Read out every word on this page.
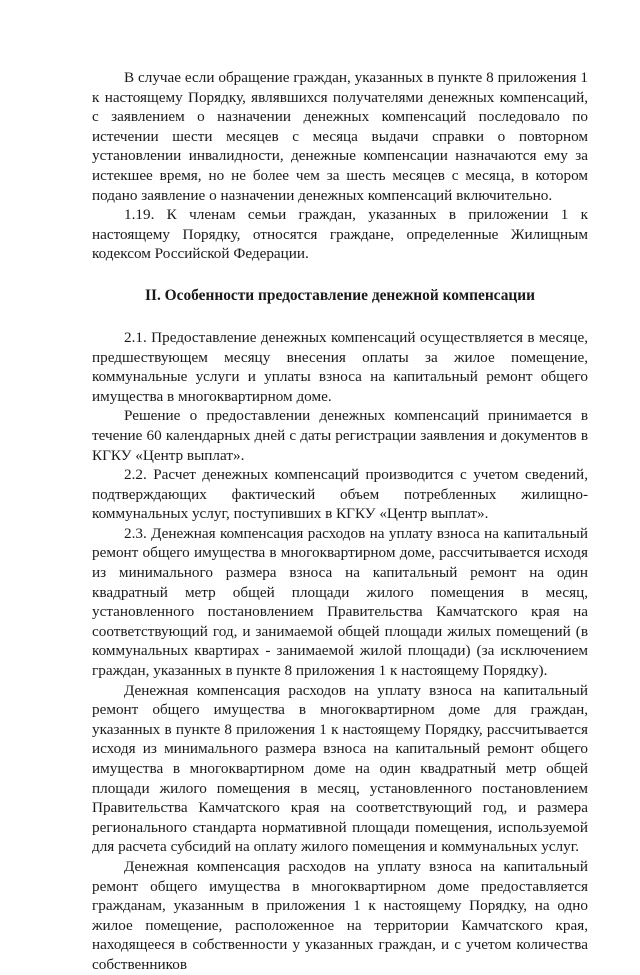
В случае если обращение граждан, указанных в пункте 8 приложения 1 к настоящему Порядку, являвшихся получателями денежных компенсаций, с заявлением о назначении денежных компенсаций последовало по истечении шести месяцев с месяца выдачи справки о повторном установлении инвалидности, денежные компенсации назначаются ему за истекшее время, но не более чем за шесть месяцев с месяца, в котором подано заявление о назначении денежных компенсаций включительно.

1.19. К членам семьи граждан, указанных в приложении 1 к настоящему Порядку, относятся граждане, определенные Жилищным кодексом Российской Федерации.

II. Особенности предоставление денежной компенсации

2.1. Предоставление денежных компенсаций осуществляется в месяце, предшествующем месяцу внесения оплаты за жилое помещение, коммунальные услуги и уплаты взноса на капитальный ремонт общего имущества в многоквартирном доме.

Решение о предоставлении денежных компенсаций принимается в течение 60 календарных дней с даты регистрации заявления и документов в КГКУ «Центр выплат».

2.2. Расчет денежных компенсаций производится с учетом сведений, подтверждающих фактический объем потребленных жилищно-коммунальных услуг, поступивших в КГКУ «Центр выплат».

2.3. Денежная компенсация расходов на уплату взноса на капитальный ремонт общего имущества в многоквартирном доме, рассчитывается исходя из минимального размера взноса на капитальный ремонт на один квадратный метр общей площади жилого помещения в месяц, установленного постановлением Правительства Камчатского края на соответствующий год, и занимаемой общей площади жилых помещений (в коммунальных квартирах - занимаемой жилой площади) (за исключением граждан, указанных в пункте 8 приложения 1 к настоящему Порядку).

Денежная компенсация расходов на уплату взноса на капитальный ремонт общего имущества в многоквартирном доме для граждан, указанных в пункте 8 приложения 1 к настоящему Порядку, рассчитывается исходя из минимального размера взноса на капитальный ремонт общего имущества в многоквартирном доме на один квадратный метр общей площади жилого помещения в месяц, установленного постановлением Правительства Камчатского края на соответствующий год, и размера регионального стандарта нормативной площади помещения, используемой для расчета субсидий на оплату жилого помещения и коммунальных услуг.

Денежная компенсация расходов на уплату взноса на капитальный ремонт общего имущества в многоквартирном доме предоставляется гражданам, указанным в приложения 1 к настоящему Порядку, на одно жилое помещение, расположенное на территории Камчатского края, находящееся в собственности у указанных граждан, и с учетом количества собственников
